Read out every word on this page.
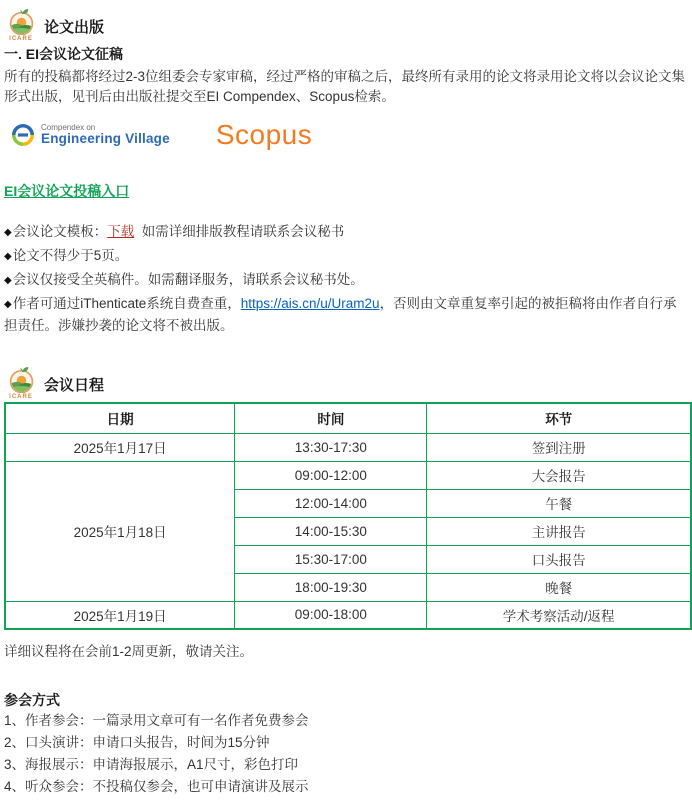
ICARE
论文出版
一. EI会议论文征稿
所有的投稿都将经过2-3位组委会专家审稿，经过严格的审稿之后，最终所有录用的论文将录用论文将以会议论文集形式出版，见刊后由出版社提交至EI Compendex、Scopus检索。
Compendex on
Engineering Village Scopus
EI会议论文投稿入口
◆会议论文模板：下载  如需详细排版教程请联系会议秘书
◆论文不得少于5页。
◆会议仅接受全英稿件。如需翻译服务，请联系会议秘书处。
◆作者可通过iThenticate系统自费查重，https://ais.cn/u/Uram2u，否则由文章重复率引起的被拒稿将由作者自行承担责任。涉嫌抄袭的论文将不被出版。
ICARE
会议日程
日期	时间	环节
2025年1月17日	13:30-17:30	签到注册
2025年1月18日	09:00-12:00	大会报告
	12:00-14:00	午餐
	14:00-15:30	主讲报告
	15:30-17:00	口头报告
	18:00-19:30	晚餐
2025年1月19日	09:00-18:00	学术考察活动/返程
详细议程将在会前1-2周更新，敬请关注。
参会方式
1、作者参会：一篇录用文章可有一名作者免费参会
2、口头演讲：申请口头报告，时间为15分钟
3、海报展示：申请海报展示，A1尺寸，彩色打印
4、听众参会：不投稿仅参会，也可申请演讲及展示
